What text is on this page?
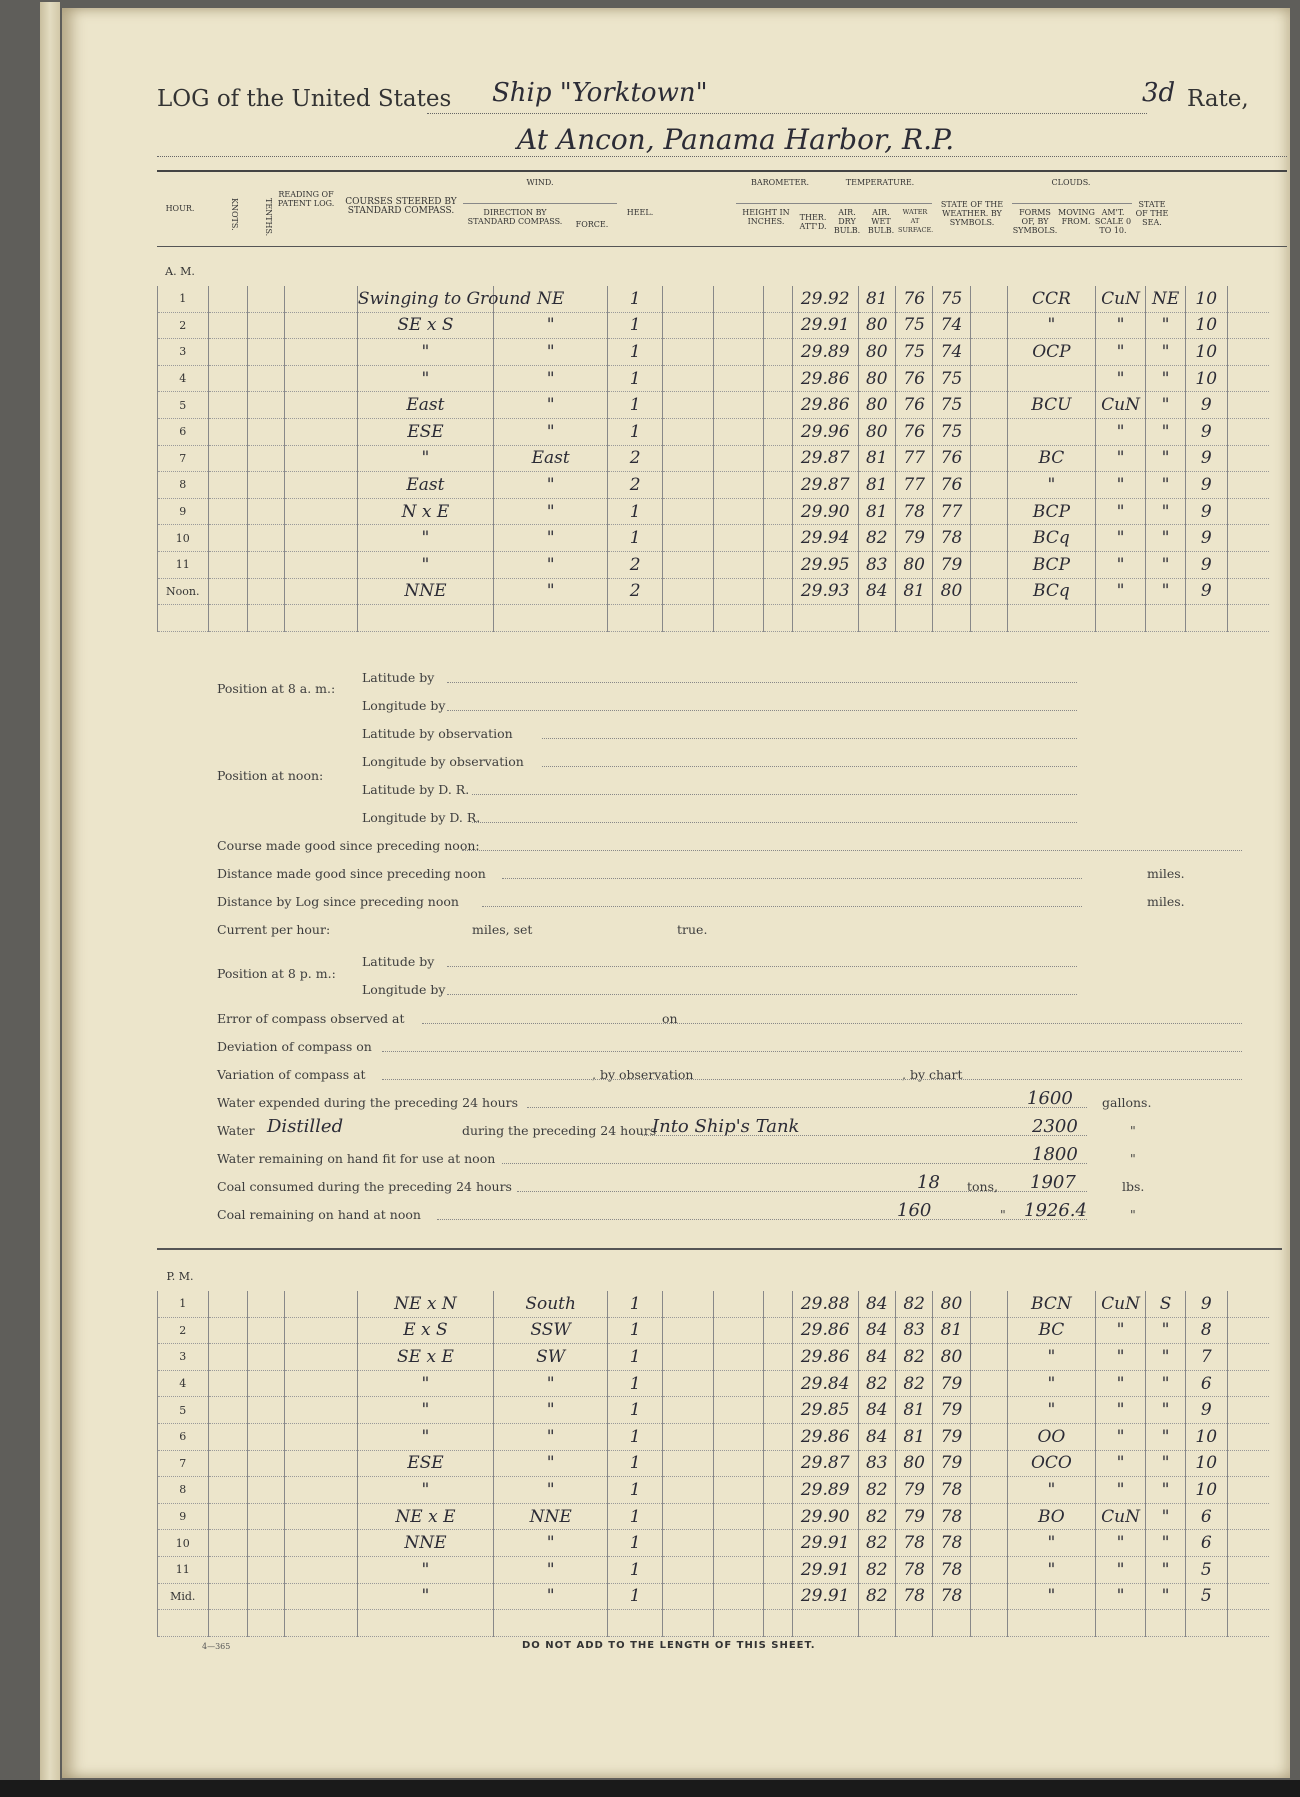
LOG of the United States Ship "Yorktown"	3d Rate,
At Ancon, Panama Harbor, R.P.
HOUR.	KNOTS.	TENTHS.
READING OF PATENT LOG.	COURSES STEERED BY STANDARD COMPASS.
WIND.
DIRECTION BY STANDARD COMPASS.	FORCE.
HEEL.
BAROMETER.
HEIGHT IN INCHES.	THER. ATT'D.
TEMPERATURE.
AIR. DRY BULB.
AIR. WET BULB.
WATER AT SURFACE.
STATE OF THE WEATHER. BY SYMBOLS.
CLOUDS.
FORMS OF, BY SYMBOLS.
MOVING FROM.
AM'T. SCALE 0 TO 10.
STATE OF THE SEA.
A. M.
1				Swinging to Ground	NE	1				29.92	81	76	75		CCR	CuN	NE	10	
2				SE x S	"	1				29.91	80	75	74		"	"	"	10	
3				"	"	1				29.89	80	75	74		OCP	"	"	10	
4				"	"	1				29.86	80	76	75			"	"	10	
5				East	"	1				29.86	80	76	75		BCU	CuN	"	9	
6				ESE	"	1				29.96	80	76	75			"	"	9	
7				"	East	2				29.87	81	77	76		BC	"	"	9	
8				East	"	2				29.87	81	77	76		"	"	"	9	
9				N x E	"	1				29.90	81	78	77		BCP	"	"	9	
10				"	"	1				29.94	82	79	78		BCq	"	"	9	
11				"	"	2				29.95	83	80	79		BCP	"	"	9	
Noon.				NNE	"	2				29.93	84	81	80		BCq	"	"	9	

Position at 8 a. m.:
Latitude by
Longitude by
Position at noon:
Latitude by observation
Longitude by observation
Latitude by D. R.
Longitude by D. R.
Course made good since preceding noon:
Distance made good since preceding noon	miles.
Distance by Log since preceding noon	miles.
Current per hour:	miles, set	true.
Position at 8 p. m.:
Latitude by
Longitude by
Error of compass observed at	on
Deviation of compass on
Variation of compass at	, by observation	, by chart
Water expended during the preceding 24 hours	1600 gallons.
Water Distilled	during the preceding 24 hours
Into Ship's Tank	2300	"
Water remaining on hand fit for use at noon	1800	"
Coal consumed during the preceding 24 hours	18 tons, 1907	lbs.
Coal remaining on hand at noon	160	" 1926.4	"
P. M.
1				NE x N	South	1				29.88	84	82	80		BCN	CuN	S	9	
2				E x S	SSW	1				29.86	84	83	81		BC	"	"	8	
3				SE x E	SW	1				29.86	84	82	80		"	"	"	7	
4				"	"	1				29.84	82	82	79		"	"	"	6	
5				"	"	1				29.85	84	81	79		"	"	"	9	
6				"	"	1				29.86	84	81	79		OO	"	"	10	
7				ESE	"	1				29.87	83	80	79		OCO	"	"	10	
8				"	"	1				29.89	82	79	78		"	"	"	10	
9				NE x E	NNE	1				29.90	82	79	78		BO	CuN	"	6	
10				NNE	"	1				29.91	82	78	78		"	"	"	6	
11				"	"	1				29.91	82	78	78		"	"	"	5	
Mid.				"	"	1				29.91	82	78	78		"	"	"	5	

4—365	DO NOT ADD TO THE LENGTH OF THIS SHEET.
